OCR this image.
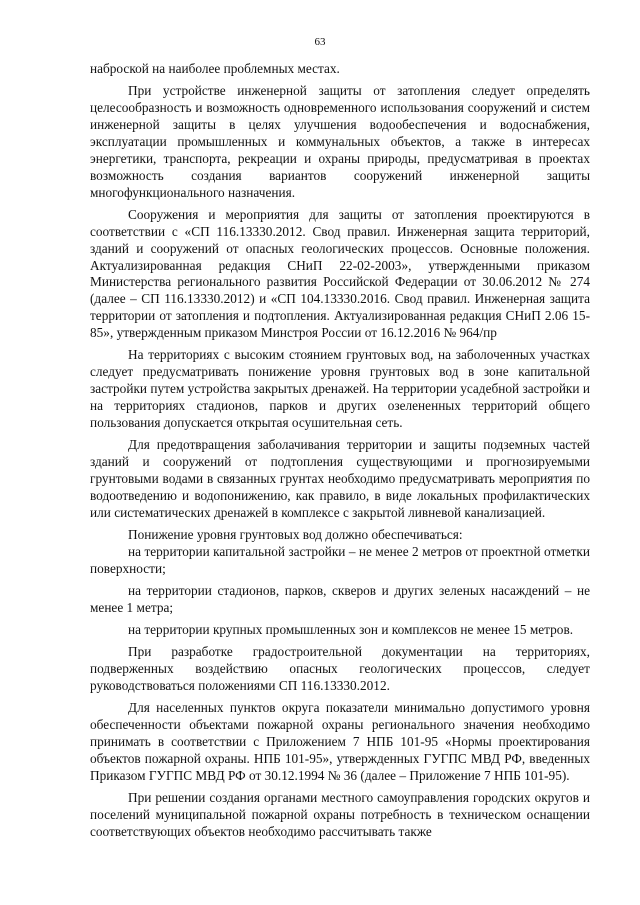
63

наброской на наиболее проблемных местах.

При устройстве инженерной защиты от затопления следует определять целесообразность и возможность одновременного использования сооружений и систем инженерной защиты в целях улучшения водообеспечения и водоснабжения, эксплуатации промышленных и коммунальных объектов, а также в интересах энергетики, транспорта, рекреации и охраны природы, предусматривая в проектах возможность создания вариантов сооружений инженерной защиты многофункционального назначения.

Сооружения и мероприятия для защиты от затопления проектируются в соответствии с «СП 116.13330.2012. Свод правил. Инженерная защита территорий, зданий и сооружений от опасных геологических процессов. Основные положения. Актуализированная редакция СНиП 22-02-2003», утвержденными приказом Министерства регионального развития Российской Федерации от 30.06.2012 № 274 (далее – СП 116.13330.2012) и «СП 104.13330.2016. Свод правил. Инженерная защита территории от затопления и подтопления. Актуализированная редакция СНиП 2.06 15-85», утвержденным приказом Минстроя России от 16.12.2016 № 964/пр

На территориях с высоким стоянием грунтовых вод, на заболоченных участках следует предусматривать понижение уровня грунтовых вод в зоне капитальной застройки путем устройства закрытых дренажей. На территории усадебной застройки и на территориях стадионов, парков и других озелененных территорий общего пользования допускается открытая осушительная сеть.

Для предотвращения заболачивания территории и защиты подземных частей зданий и сооружений от подтопления существующими и прогнозируемыми грунтовыми водами в связанных грунтах необходимо предусматривать мероприятия по водоотведению и водопонижению, как правило, в виде локальных профилактических или систематических дренажей в комплексе с закрытой ливневой канализацией.

Понижение уровня грунтовых вод должно обеспечиваться:

на территории капитальной застройки – не менее 2 метров от проектной отметки поверхности;

на территории стадионов, парков, скверов и других зеленых насаждений – не менее 1 метра;

на территории крупных промышленных зон и комплексов не менее 15 метров.

При разработке градостроительной документации на территориях, подверженных воздействию опасных геологических процессов, следует руководствоваться положениями СП 116.13330.2012.

Для населенных пунктов округа показатели минимально допустимого уровня обеспеченности объектами пожарной охраны регионального значения необходимо принимать в соответствии с Приложением 7 НПБ 101-95 «Нормы проектирования объектов пожарной охраны. НПБ 101-95», утвержденных ГУГПС МВД РФ, введенных Приказом ГУГПС МВД РФ от 30.12.1994 № 36 (далее – Приложение 7 НПБ 101-95).

При решении создания органами местного самоуправления городских округов и поселений муниципальной пожарной охраны потребность в техническом оснащении соответствующих объектов необходимо рассчитывать также
